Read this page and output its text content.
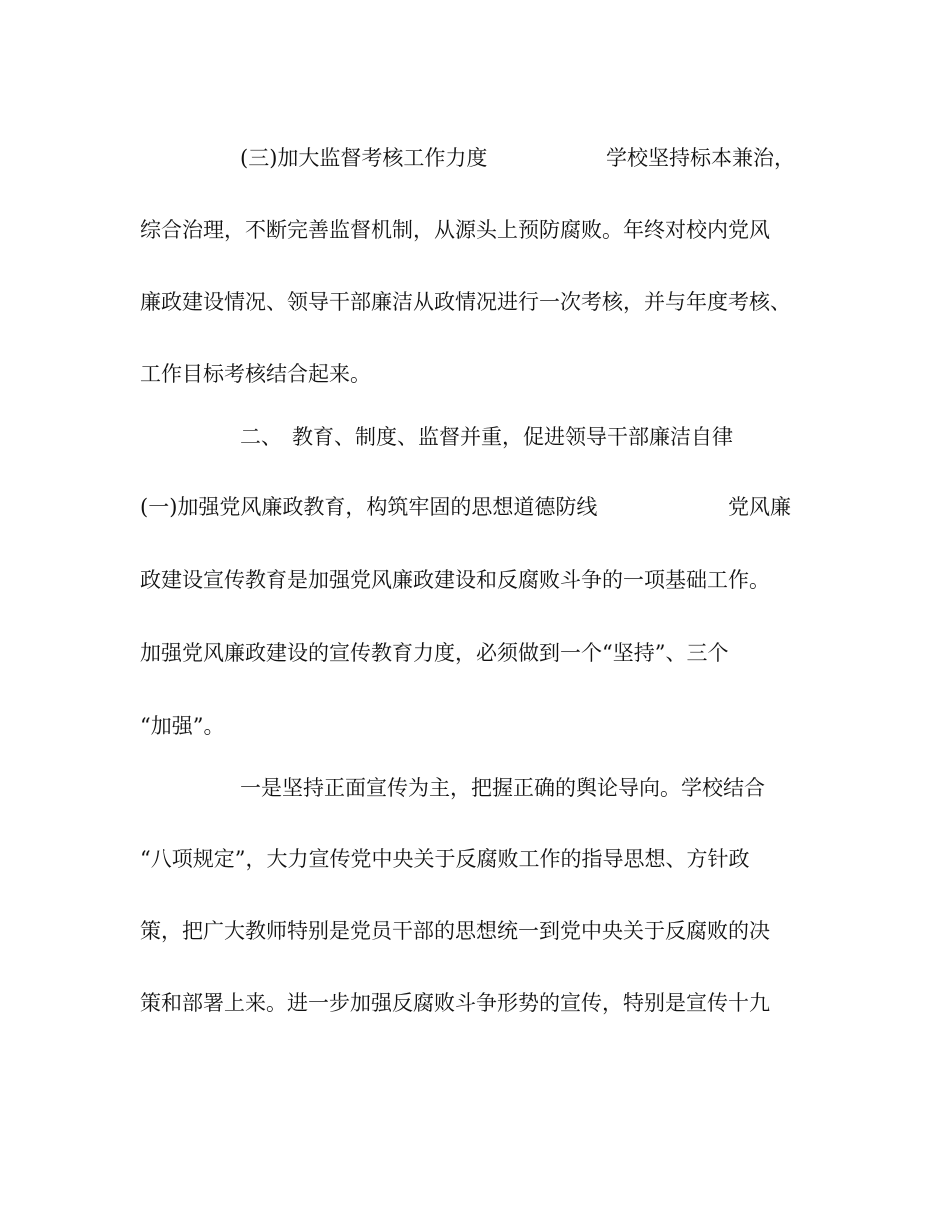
(三)加大监督考核工作力度	学校坚持标本兼治，
综合治理，不断完善监督机制，从源头上预防腐败。年终对校内党风
廉政建设情况、领导干部廉洁从政情况进行一次考核，并与年度考核、
工作目标考核结合起来。
二、 教育、制度、监督并重，促进领导干部廉洁自律
(一)加强党风廉政教育，构筑牢固的思想道德防线	党风廉
政建设宣传教育是加强党风廉政建设和反腐败斗争的一项基础工作。
加强党风廉政建设的宣传教育力度，必须做到一个“坚持”、三个
“加强”。
一是坚持正面宣传为主，把握正确的舆论导向。学校结合
“八项规定”，大力宣传党中央关于反腐败工作的指导思想、方针政
策，把广大教师特别是党员干部的思想统一到党中央关于反腐败的决
策和部署上来。进一步加强反腐败斗争形势的宣传，特别是宣传十九
